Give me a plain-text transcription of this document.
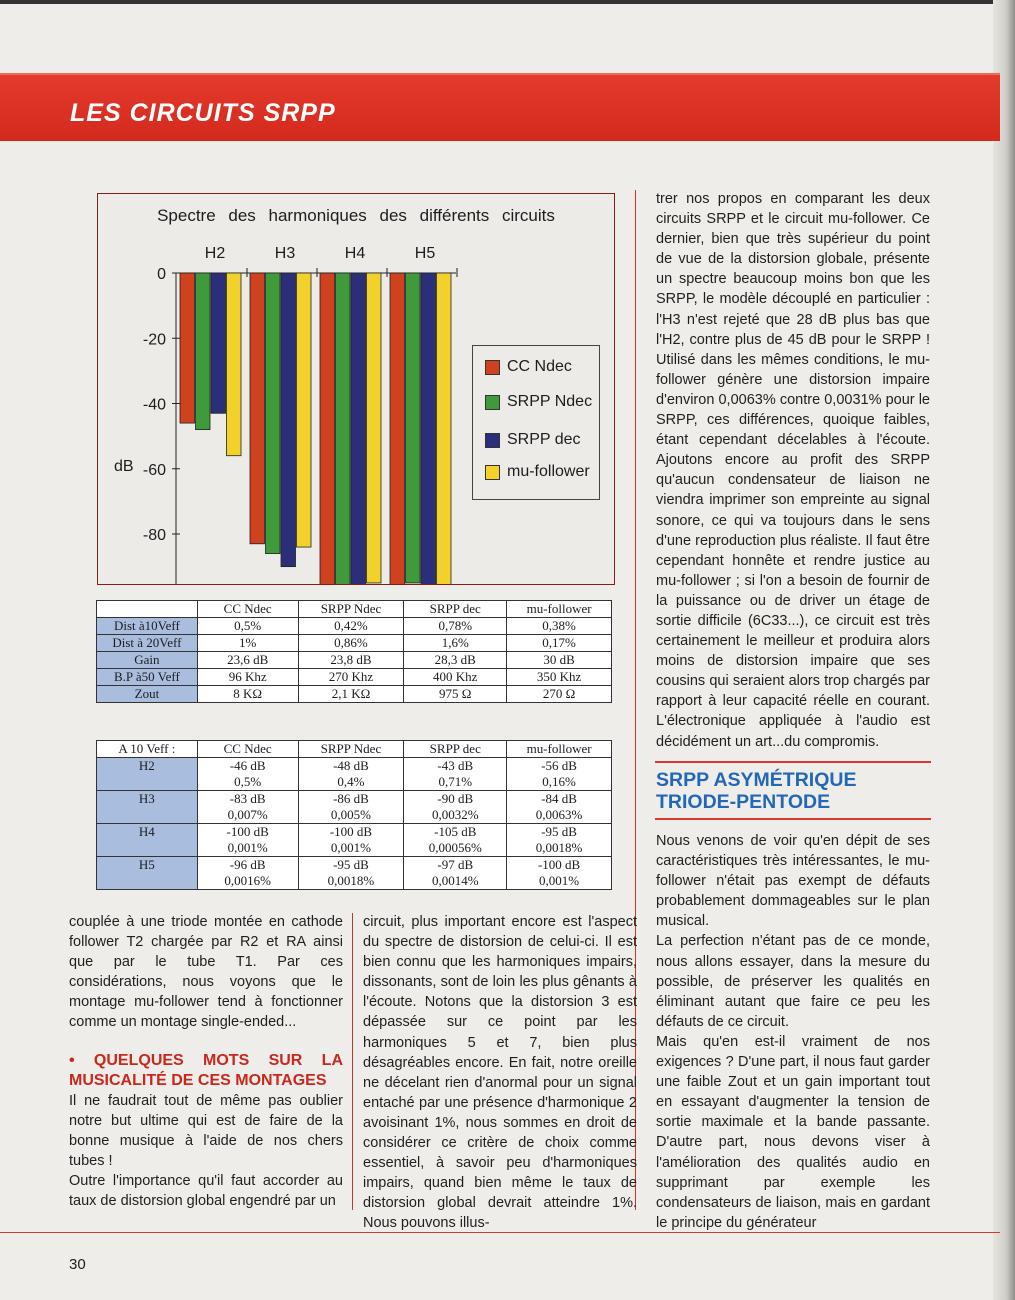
LES CIRCUITS SRPP
Spectre des harmoniques des différents circuits
0
-20
-40
-60
-80
dB
H2	H3	H4	H5
CC Ndec
SRPP Ndec
SRPP dec
mu-follower
	CC Ndec	SRPP Ndec	SRPP dec	mu-follower
Dist à10Veff	0,5%	0,42%	0,78%	0,38%
Dist à 20Veff	1%	0,86%	1,6%	0,17%
Gain	23,6 dB	23,8 dB	28,3 dB	30 dB
B.P à50 Veff	96 Khz	270 Khz	400 Khz	350 Khz
Zout	8 KΩ	2,1 KΩ	975 Ω	270 Ω
A 10 Veff :	CC Ndec	SRPP Ndec	SRPP dec	mu-follower
H2	-46 dB	-48 dB	-43 dB	-56 dB
	0,5%	0,4%	0,71%	0,16%
H3	-83 dB	-86 dB	-90 dB	-84 dB
	0,007%	0,005%	0,0032%	0,0063%
H4	-100 dB	-100 dB	-105 dB	-95 dB
	0,001%	0,001%	0,00056%	0,0018%
H5	-96 dB	-95 dB	-97 dB	-100 dB
	0,0016%	0,0018%	0,0014%	0,001%

couplée à une triode montée en cathode follower T2 chargée par R2 et RA ainsi que par le tube T1. Par ces considérations, nous voyons que le montage mu-follower tend à fonctionner comme un montage single-ended...

• QUELQUES MOTS SUR LA MUSICALITÉ DE CES MONTAGES

Il ne faudrait tout de même pas oublier notre but ultime qui est de faire de la bonne musique à l'aide de nos chers tubes !

Outre l'importance qu'il faut accorder au taux de distorsion global engendré par un

circuit, plus important encore est l'aspect du spectre de distorsion de celui-ci. Il est bien connu que les harmoniques impairs, dissonants, sont de loin les plus gênants à l'écoute. Notons que la distorsion 3 est dépassée sur ce point par les harmoniques 5 et 7, bien plus désagréables encore. En fait, notre oreille ne décelant rien d'anormal pour un signal entaché par une présence d'harmonique 2 avoisinant 1%, nous sommes en droit de considérer ce critère de choix comme essentiel, à savoir peu d'harmoniques impairs, quand bien même le taux de distorsion global devrait atteindre 1%. Nous pouvons illus-

trer nos propos en comparant les deux circuits SRPP et le circuit mu-follower. Ce dernier, bien que très supérieur du point de vue de la distorsion globale, présente un spectre beaucoup moins bon que les SRPP, le modèle découplé en particulier : l'H3 n'est rejeté que 28 dB plus bas que l'H2, contre plus de 45 dB pour le SRPP ! Utilisé dans les mêmes conditions, le mu-follower génère une distorsion impaire d'environ 0,0063% contre 0,0031% pour le SRPP, ces différences, quoique faibles, étant cependant décelables à l'écoute. Ajoutons encore au profit des SRPP qu'aucun condensateur de liaison ne viendra imprimer son empreinte au signal sonore, ce qui va toujours dans le sens d'une reproduction plus réaliste. Il faut être cependant honnête et rendre justice au mu-follower ; si l'on a besoin de fournir de la puissance ou de driver un étage de sortie difficile (6C33...), ce circuit est très certainement le meilleur et produira alors moins de distorsion impaire que ses cousins qui seraient alors trop chargés par rapport à leur capacité réelle en courant. L'électronique appliquée à l'audio est décidément un art...du compromis.

SRPP ASYMÉTRIQUE TRIODE-PENTODE

Nous venons de voir qu'en dépit de ses caractéristiques très intéressantes, le mu-follower n'était pas exempt de défauts probablement dommageables sur le plan musical.

La perfection n'étant pas de ce monde, nous allons essayer, dans la mesure du possible, de préserver les qualités en éliminant autant que faire ce peu les défauts de ce circuit.

Mais qu'en est-il vraiment de nos exigences ? D'une part, il nous faut garder une faible Zout et un gain important tout en essayant d'augmenter la tension de sortie maximale et la bande passante. D'autre part, nous devons viser à l'amélioration des qualités audio en supprimant par exemple les condensateurs de liaison, mais en gardant le principe du générateur

30
